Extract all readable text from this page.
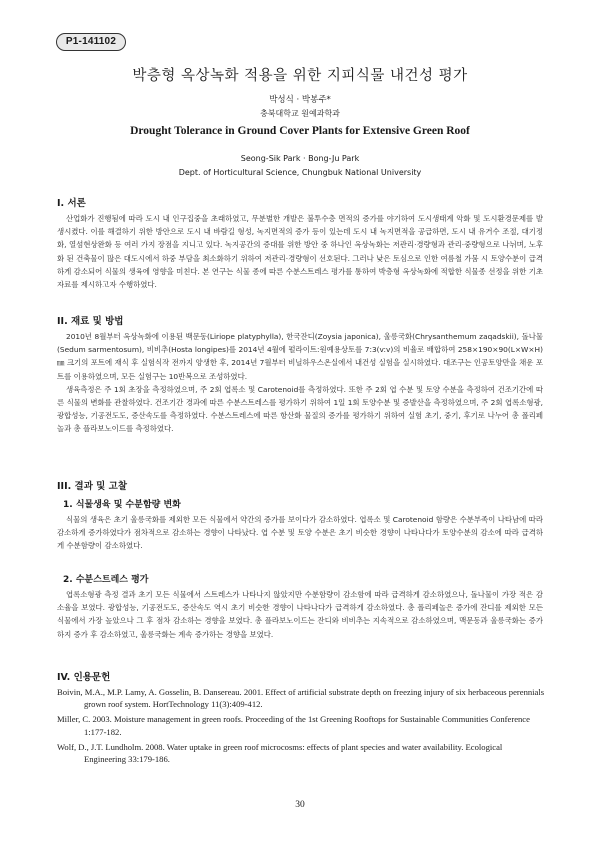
P1-141102
박층형 옥상녹화 적용을 위한 지피식물 내건성 평가
박성식 · 박봉주*
충북대학교 원예과학과
Drought Tolerance in Ground Cover Plants for Extensive Green Roof
Seong-Sik Park · Bong-Ju Park
Dept. of Horticultural Science, Chungbuk National University
I. 서론

산업화가 진행됨에 따라 도시 내 인구집중을 초래하였고, 무분별한 개발은 불투수층 면적의 증가를 야기하여 도시생태계 악화 및 도시환경문제를 발생시켰다. 이를 해결하기 위한 방안으로 도시 내 바람길 형성, 녹지면적의 증가 등이 있는데 도시 내 녹지면적을 공급하면, 도시 내 유거수 조절, 대기정화, 열섬현상완화 등 여러 가지 장점을 지니고 있다. 녹지공간의 증대를 위한 방안 중 하나인 옥상녹화는 저관리·경량형과 관리·중량형으로 나뉘며, 노후화 된 건축물이 많은 대도시에서 하중 부담을 최소화하기 위하여 저관리·경량형이 선호된다. 그러나 낮은 토심으로 인한 여름철 가뭄 시 토양수분이 급격하게 감소되어 식물의 생육에 영향을 미친다. 본 연구는 식물 종에 따른 수분스트레스 평가를 통하여 박층형 옥상녹화에 적합한 식물종 선정을 위한 기초자료를 제시하고자 수행하였다.

II. 재료 및 방법

2010년 8월부터 옥상녹화에 이용된 백문동(Liriope platyphylla), 한국잔디(Zoysia japonica), 울릉국화(Chrysanthemum zaqadskii), 돌나물(Sedum sarmentosum), 비비추(Hosta longipes)를 2014년 4월에 펄라이트:원예용상토를 7:3(v:v)의 비율로 배합하여 258×190×90(L×W×H)㎜ 크기의 포트에 재식 후 실험식작 전까지 양생한 후, 2014년 7월부터 비닐하우스온실에서 내건성 실험을 실시하였다. 대조구는 인공토양만을 채운 포트를 이용하였으며, 모든 실험구는 10반복으로 조성하였다.

생육측정은 주 1회 초장을 측정하였으며, 주 2회 엽록소 및 Carotenoid를 측정하였다. 또한 주 2회 엽 수분 및 토양 수분을 측정하여 건조기간에 따른 식물의 변화를 관찰하였다. 건조기간 경과에 따른 수분스트레스를 평가하기 위하여 1일 1회 토양수분 및 증발산을 측정하였으며, 주 2회 엽록소형광, 광합성능, 기공전도도, 증산속도를 측정하였다. 수분스트레스에 따른 항산화 물질의 증가를 평가하기 위하여 실험 초기, 중기, 후기로 나누어 총 폴리페놀과 총 플라보노이드를 측정하였다.

III. 결과 및 고찰
1. 식물생육 및 수분함량 변화

식물의 생육은 초기 울릉국화를 제외한 모든 식물에서 약간의 증가를 보이다가 감소하였다. 엽록소 및 Carotenoid 함량은 수분부족이 나타남에 따라 감소하게 증가하였다가 점차적으로 감소하는 경향이 나타났다. 엽 수분 및 토양 수분은 초기 비슷한 경향이 나타나다가 토양수분의 감소에 따라 급격하게 수분함량이 감소하였다.

2. 수분스트레스 평가

엽록소형광 측정 결과 초기 모든 식물에서 스트레스가 나타나지 않았지만 수분함량이 감소함에 따라 급격하게 감소하였으나, 돌나물이 가장 적은 감소율을 보였다. 광합성능, 기공전도도, 증산속도 역시 초기 비슷한 경향이 나타나다가 급격하게 감소하였다. 총 폴리페놀은 증가에 잔디를 제외한 모든 식물에서 가장 높았으나 그 후 점차 감소하는 경향을 보였다. 총 플라보노이드는 잔디와 비비추는 지속적으로 감소하였으며, 맥문동과 울릉국화는 증가하지 증가 후 감소하였고, 울릉국화는 계속 증가하는 경향을 보였다.

IV. 인용문헌

Boivin, M.A., M.P. Lamy, A. Gosselin, B. Dansereau. 2001. Effect of artificial substrate depth on freezing injury of six herbaceous perennials grown roof system. HortTechnology 11(3):409-412.

Miller, C. 2003. Moisture management in green roofs. Proceeding of the 1st Greening Rooftops for Sustainable Communities Conference 1:177-182.

Wolf, D., J.T. Lundholm. 2008. Water uptake in green roof microcosms: effects of plant species and water availability. Ecological Engineering 33:179-186.

30
